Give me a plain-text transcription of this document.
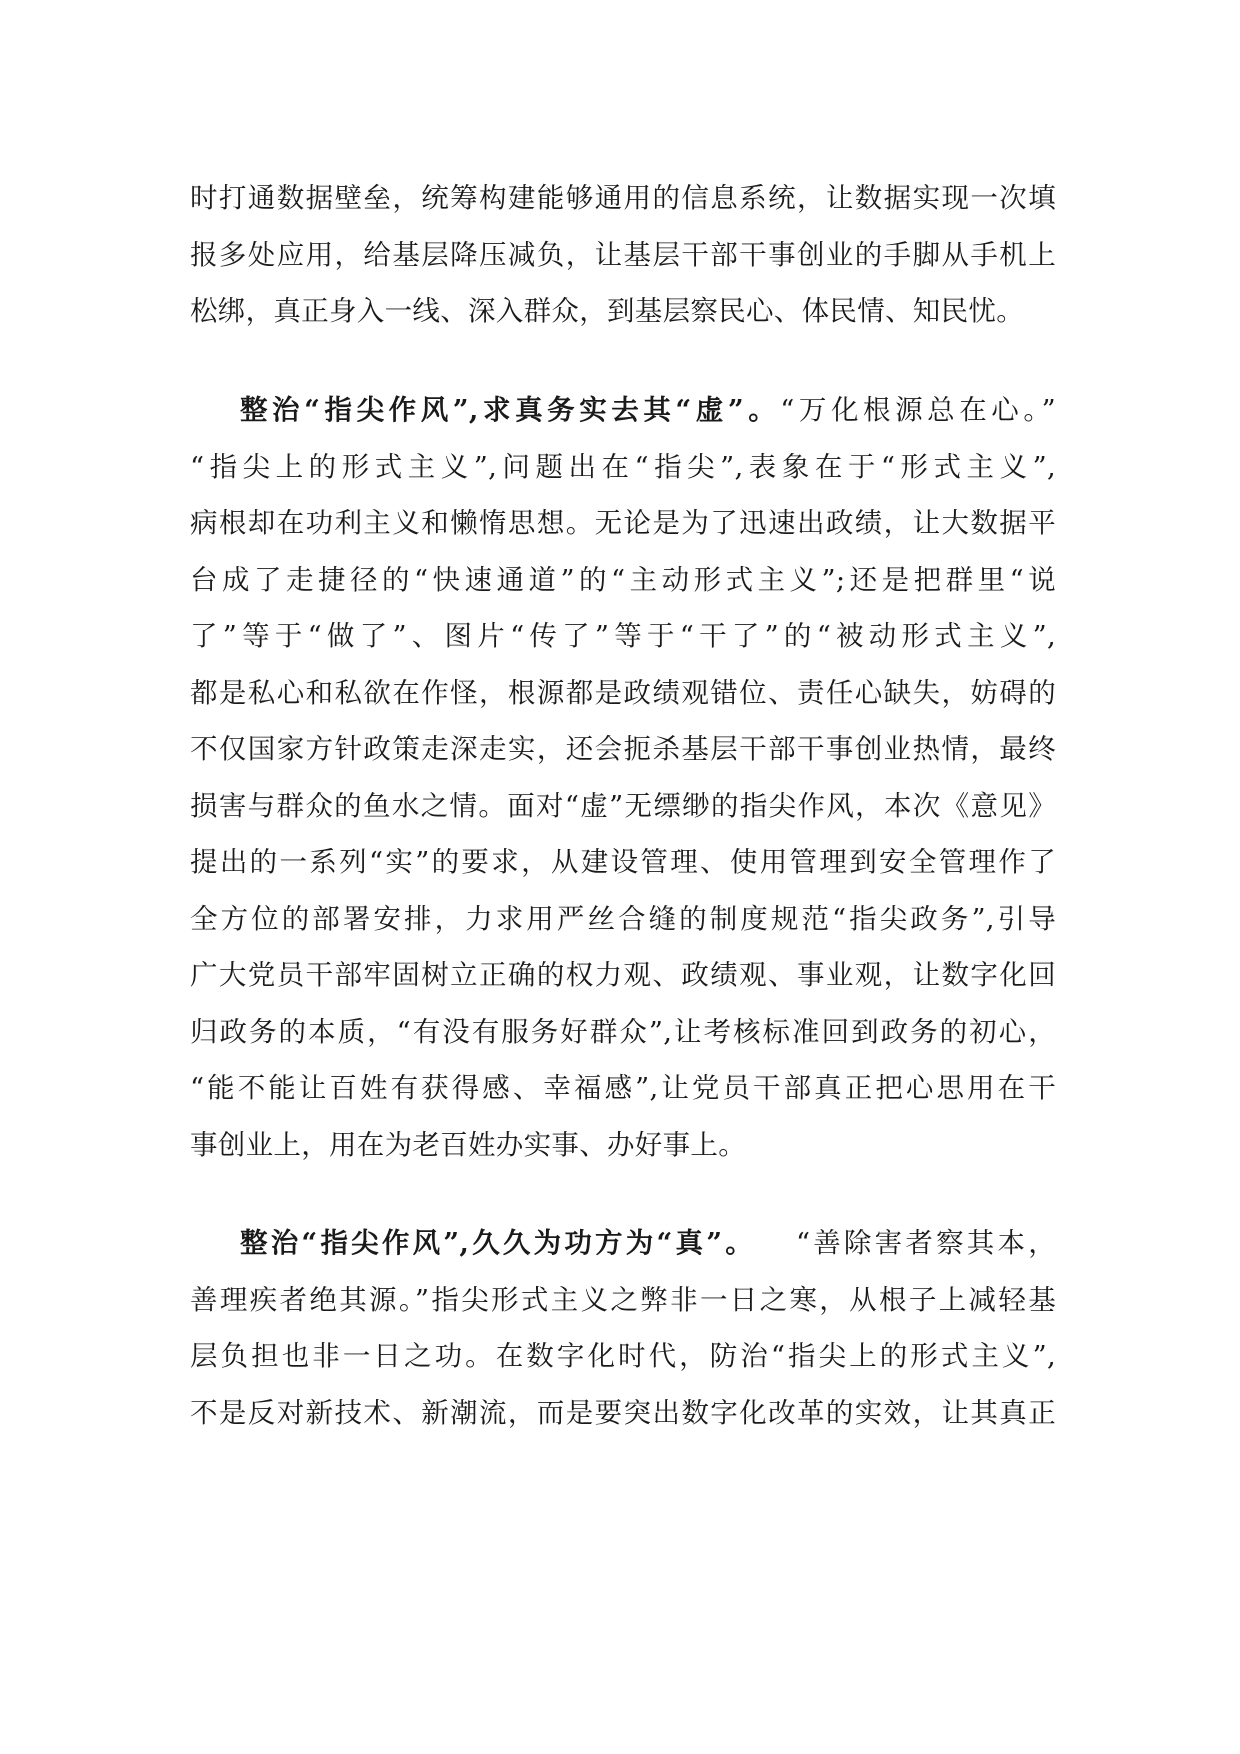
时打通数据壁垒，统筹构建能够通用的信息系统，让数据实现一次填
报多处应用，给基层降压减负，让基层干部干事创业的手脚从手机上
松绑，真正身入一线、深入群众，到基层察民心、体民情、知民忧。
整治“指尖作风”,求真务实去其“虚”。“万化根源总在心。”
“指尖上的形式主义”,问题出在“指尖”,表象在于“形式主义”,
病根却在功利主义和懒惰思想。无论是为了迅速出政绩，让大数据平
台成了走捷径的“快速通道”的“主动形式主义”;还是把群里“说
了”等于“做了”、图片“传了”等于“干了”的“被动形式主义”,
都是私心和私欲在作怪，根源都是政绩观错位、责任心缺失，妨碍的
不仅国家方针政策走深走实，还会扼杀基层干部干事创业热情，最终
损害与群众的鱼水之情。面对“虚”无缥缈的指尖作风，本次《意见》
提出的一系列“实”的要求，从建设管理、使用管理到安全管理作了
全方位的部署安排，力求用严丝合缝的制度规范“指尖政务”,引导
广大党员干部牢固树立正确的权力观、政绩观、事业观，让数字化回
归政务的本质，“有没有服务好群众”,让考核标准回到政务的初心，
“能不能让百姓有获得感、幸福感”,让党员干部真正把心思用在干
事创业上，用在为老百姓办实事、办好事上。
整治“指尖作风”,久久为功方为“真”。 “善除害者察其本，
善理疾者绝其源。”指尖形式主义之弊非一日之寒，从根子上减轻基
层负担也非一日之功。在数字化时代，防治“指尖上的形式主义”,
不是反对新技术、新潮流，而是要突出数字化改革的实效，让其真正
